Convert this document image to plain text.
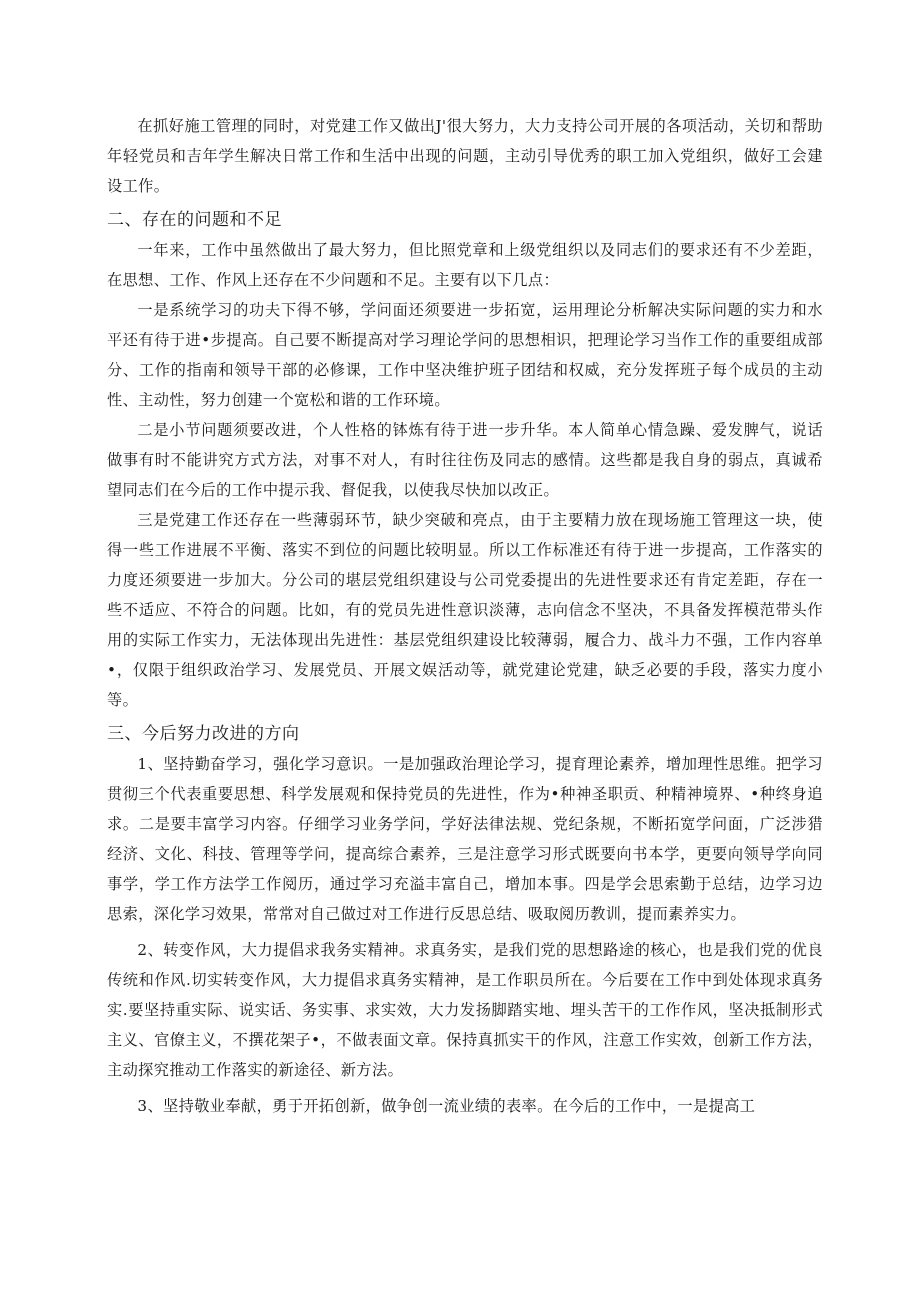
在抓好施工管理的同时，对党建工作又做出J'很大努力，大力支持公司开展的各项活动，关切和帮助年轻党员和吉年学生解决日常工作和生活中出现的问题，主动引导优秀的职工加入党组织，做好工会建设工作。

二、存在的问题和不足

一年来，工作中虽然做出了最大努力，但比照党章和上级党组织以及同志们的要求还有不少差距，在思想、工作、作风上还存在不少问题和不足。主要有以下几点：

一是系统学习的功夫下得不够，学问面还须要进一步拓宽，运用理论分析解决实际问题的实力和水平还有待于进•步提高。自己要不断提高对学习理论学问的思想相识，把理论学习当作工作的重要组成部分、工作的指南和领导干部的必修课，工作中坚决维护班子团结和权威，充分发挥班子每个成员的主动性、主动性，努力创建一个宽松和谐的工作环境。

二是小节问题须要改进，个人性格的钵炼有待于进一步升华。本人简单心情急躁、爱发脾气，说话做事有时不能讲究方式方法，对事不对人，有时往往伤及同志的感情。这些都是我自身的弱点，真诚希望同志们在今后的工作中提示我、督促我，以使我尽快加以改正。

三是党建工作还存在一些薄弱环节，缺少突破和亮点，由于主要精力放在现场施工管理这一块，使得一些工作进展不平衡、落实不到位的问题比较明显。所以工作标准还有待于进一步提高，工作落实的力度还须要进一步加大。分公司的堪层党组织建设与公司党委提出的先进性要求还有肯定差距，存在一些不适应、不符合的问题。比如，有的党员先进性意识淡薄，志向信念不坚决，不具备发挥模范带头作用的实际工作实力，无法体现出先进性：基层党组织建设比较薄弱，履合力、战斗力不强，工作内容单•，仅限于组织政治学习、发展党员、开展文娱活动等，就党建论党建，缺乏必要的手段，落实力度小等。

三、今后努力改进的方向

1、坚持勤奋学习，强化学习意识。一是加强政治理论学习，提育理论素养，增加理性思维。把学习贯彻三个代表重要思想、科学发展观和保持党员的先进性，作为•种神圣职贡、种精神境界、•种终身追求。二是要丰富学习内容。仔细学习业务学问，学好法律法规、党纪条规，不断拓宽学问面，广泛涉猎经济、文化、科技、管理等学问，提高综合素养，三是注意学习形式既要向书本学，更要向领导学向同事学，学工作方法学工作阅历，通过学习充溢丰富自己，增加本事。四是学会思索勤于总结，边学习边思索，深化学习效果，常常对自己做过对工作进行反思总结、吸取阅历教训，提而素养实力。

2、转变作风，大力提倡求我务实精神。求真务实，是我们党的思想路途的核心，也是我们党的优良传统和作风.切实转变作风，大力提倡求真务实精神，是工作职员所在。今后要在工作中到处体现求真务实.要坚持重实际、说实话、务实事、求实效，大力发扬脚踏实地、埋头苦干的工作作风，坚决抵制形式主义、官僚主义，不撰花架子•，不做表面文章。保持真抓实干的作风，注意工作实效，创新工作方法，主动探究推动工作落实的新途径、新方法。

3、坚持敬业奉献，勇于开拓创新，做争创一流业绩的表率。在今后的工作中，一是提高工
